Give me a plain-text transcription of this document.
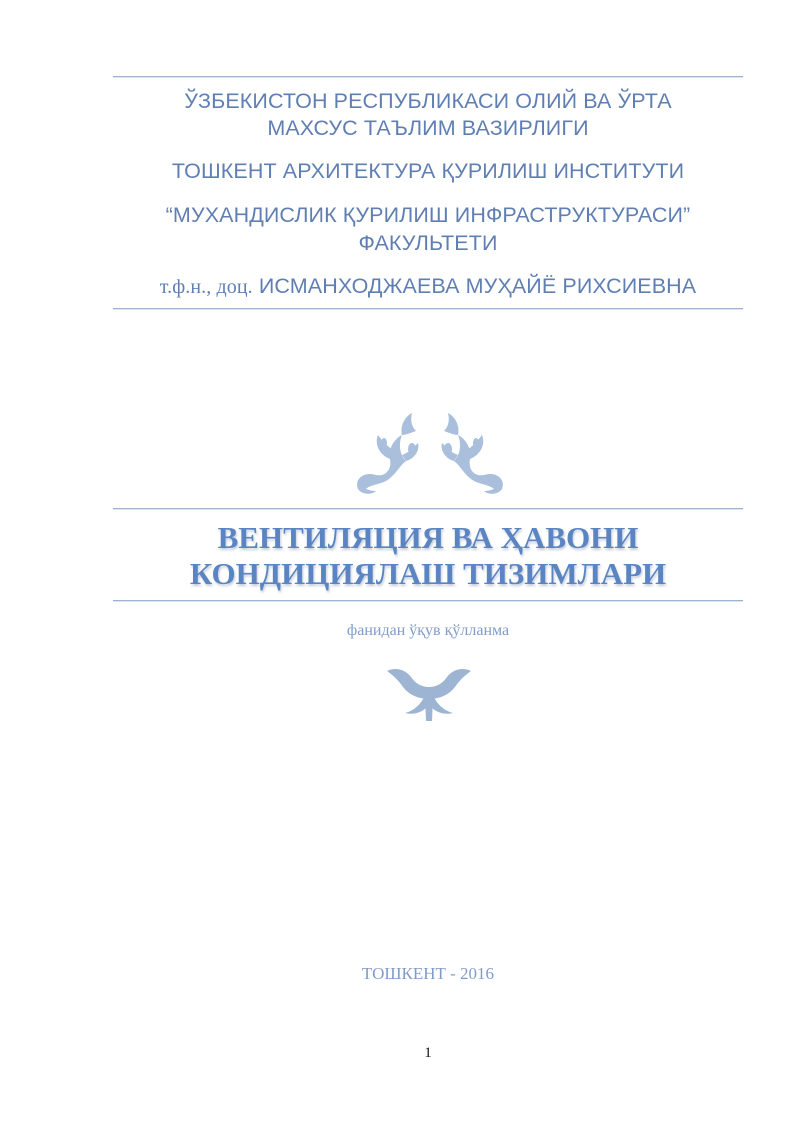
ЎЗБЕКИСТОН РЕСПУБЛИКАСИ ОЛИЙ ВА ЎРТА
МАХСУС ТАЪЛИМ ВАЗИРЛИГИ
ТОШКЕНТ АРХИТЕКТУРА ҚУРИЛИШ ИНСТИТУТИ
“МУХАНДИСЛИК ҚУРИЛИШ ИНФРАСТРУКТУРАСИ”
ФАКУЛЬТЕТИ
т.ф.н., доц. ИСМАНХОДЖАЕВА МУҲАЙЁ РИХСИЕВНА
ВЕНТИЛЯЦИЯ ВА ҲАВОНИ
КОНДИЦИЯЛАШ ТИЗИМЛАРИ
фанидан ўқув қўлланма
ТОШКЕНТ - 2016
1
